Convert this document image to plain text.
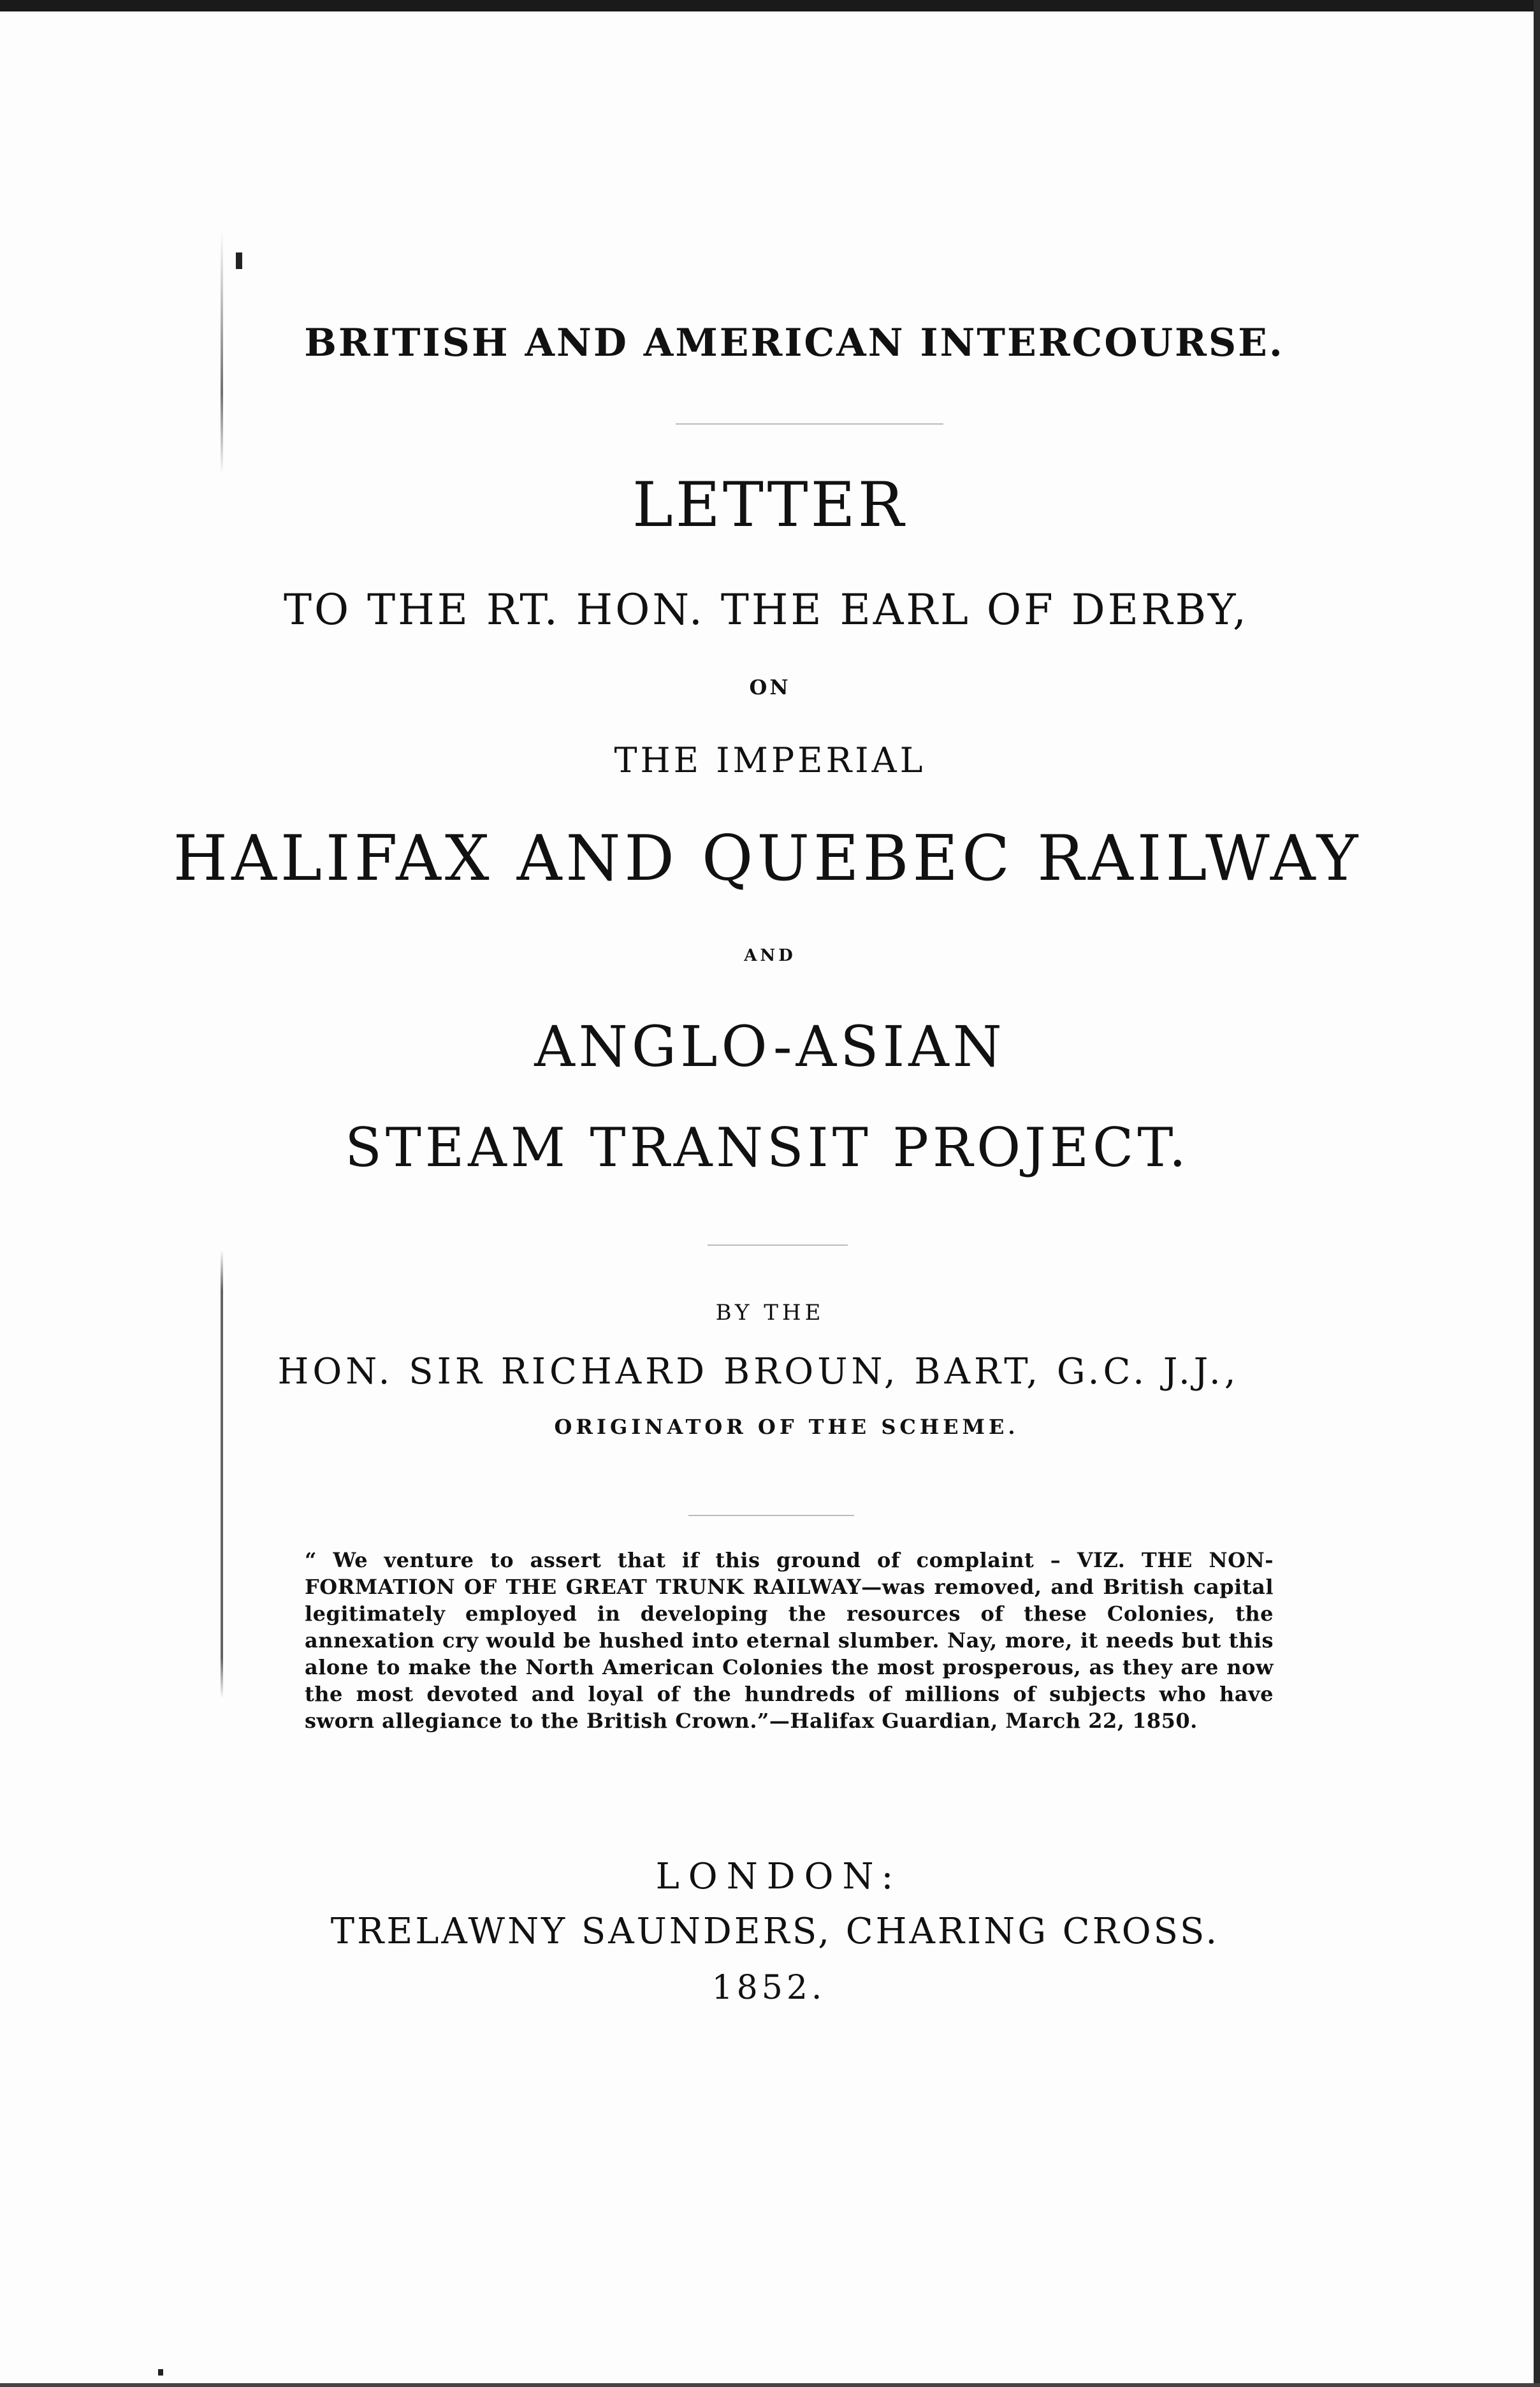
BRITISH AND AMERICAN INTERCOURSE.
LETTER
TO THE RT. HON. THE EARL OF DERBY,
ON
THE IMPERIAL
HALIFAX AND QUEBEC RAILWAY
AND
ANGLO-ASIAN
STEAM TRANSIT PROJECT.
BY THE
HON. SIR RICHARD BROUN, BART, G.C. J.J.,
ORIGINATOR OF THE SCHEME.
“ We venture to assert that if this ground of complaint – VIZ. THE NON-FORMATION OF THE GREAT TRUNK RAILWAY—was removed, and British capital legitimately employed in developing the resources of these Colonies, the annexation cry would be hushed into eternal slumber. Nay, more, it needs but this alone to make the North American Colonies the most prosperous, as they are now the most devoted and loyal of the hundreds of millions of subjects who have sworn allegiance to the British Crown.”—Halifax Guardian, March 22, 1850.
LONDON:
TRELAWNY SAUNDERS, CHARING CROSS.
1852.
